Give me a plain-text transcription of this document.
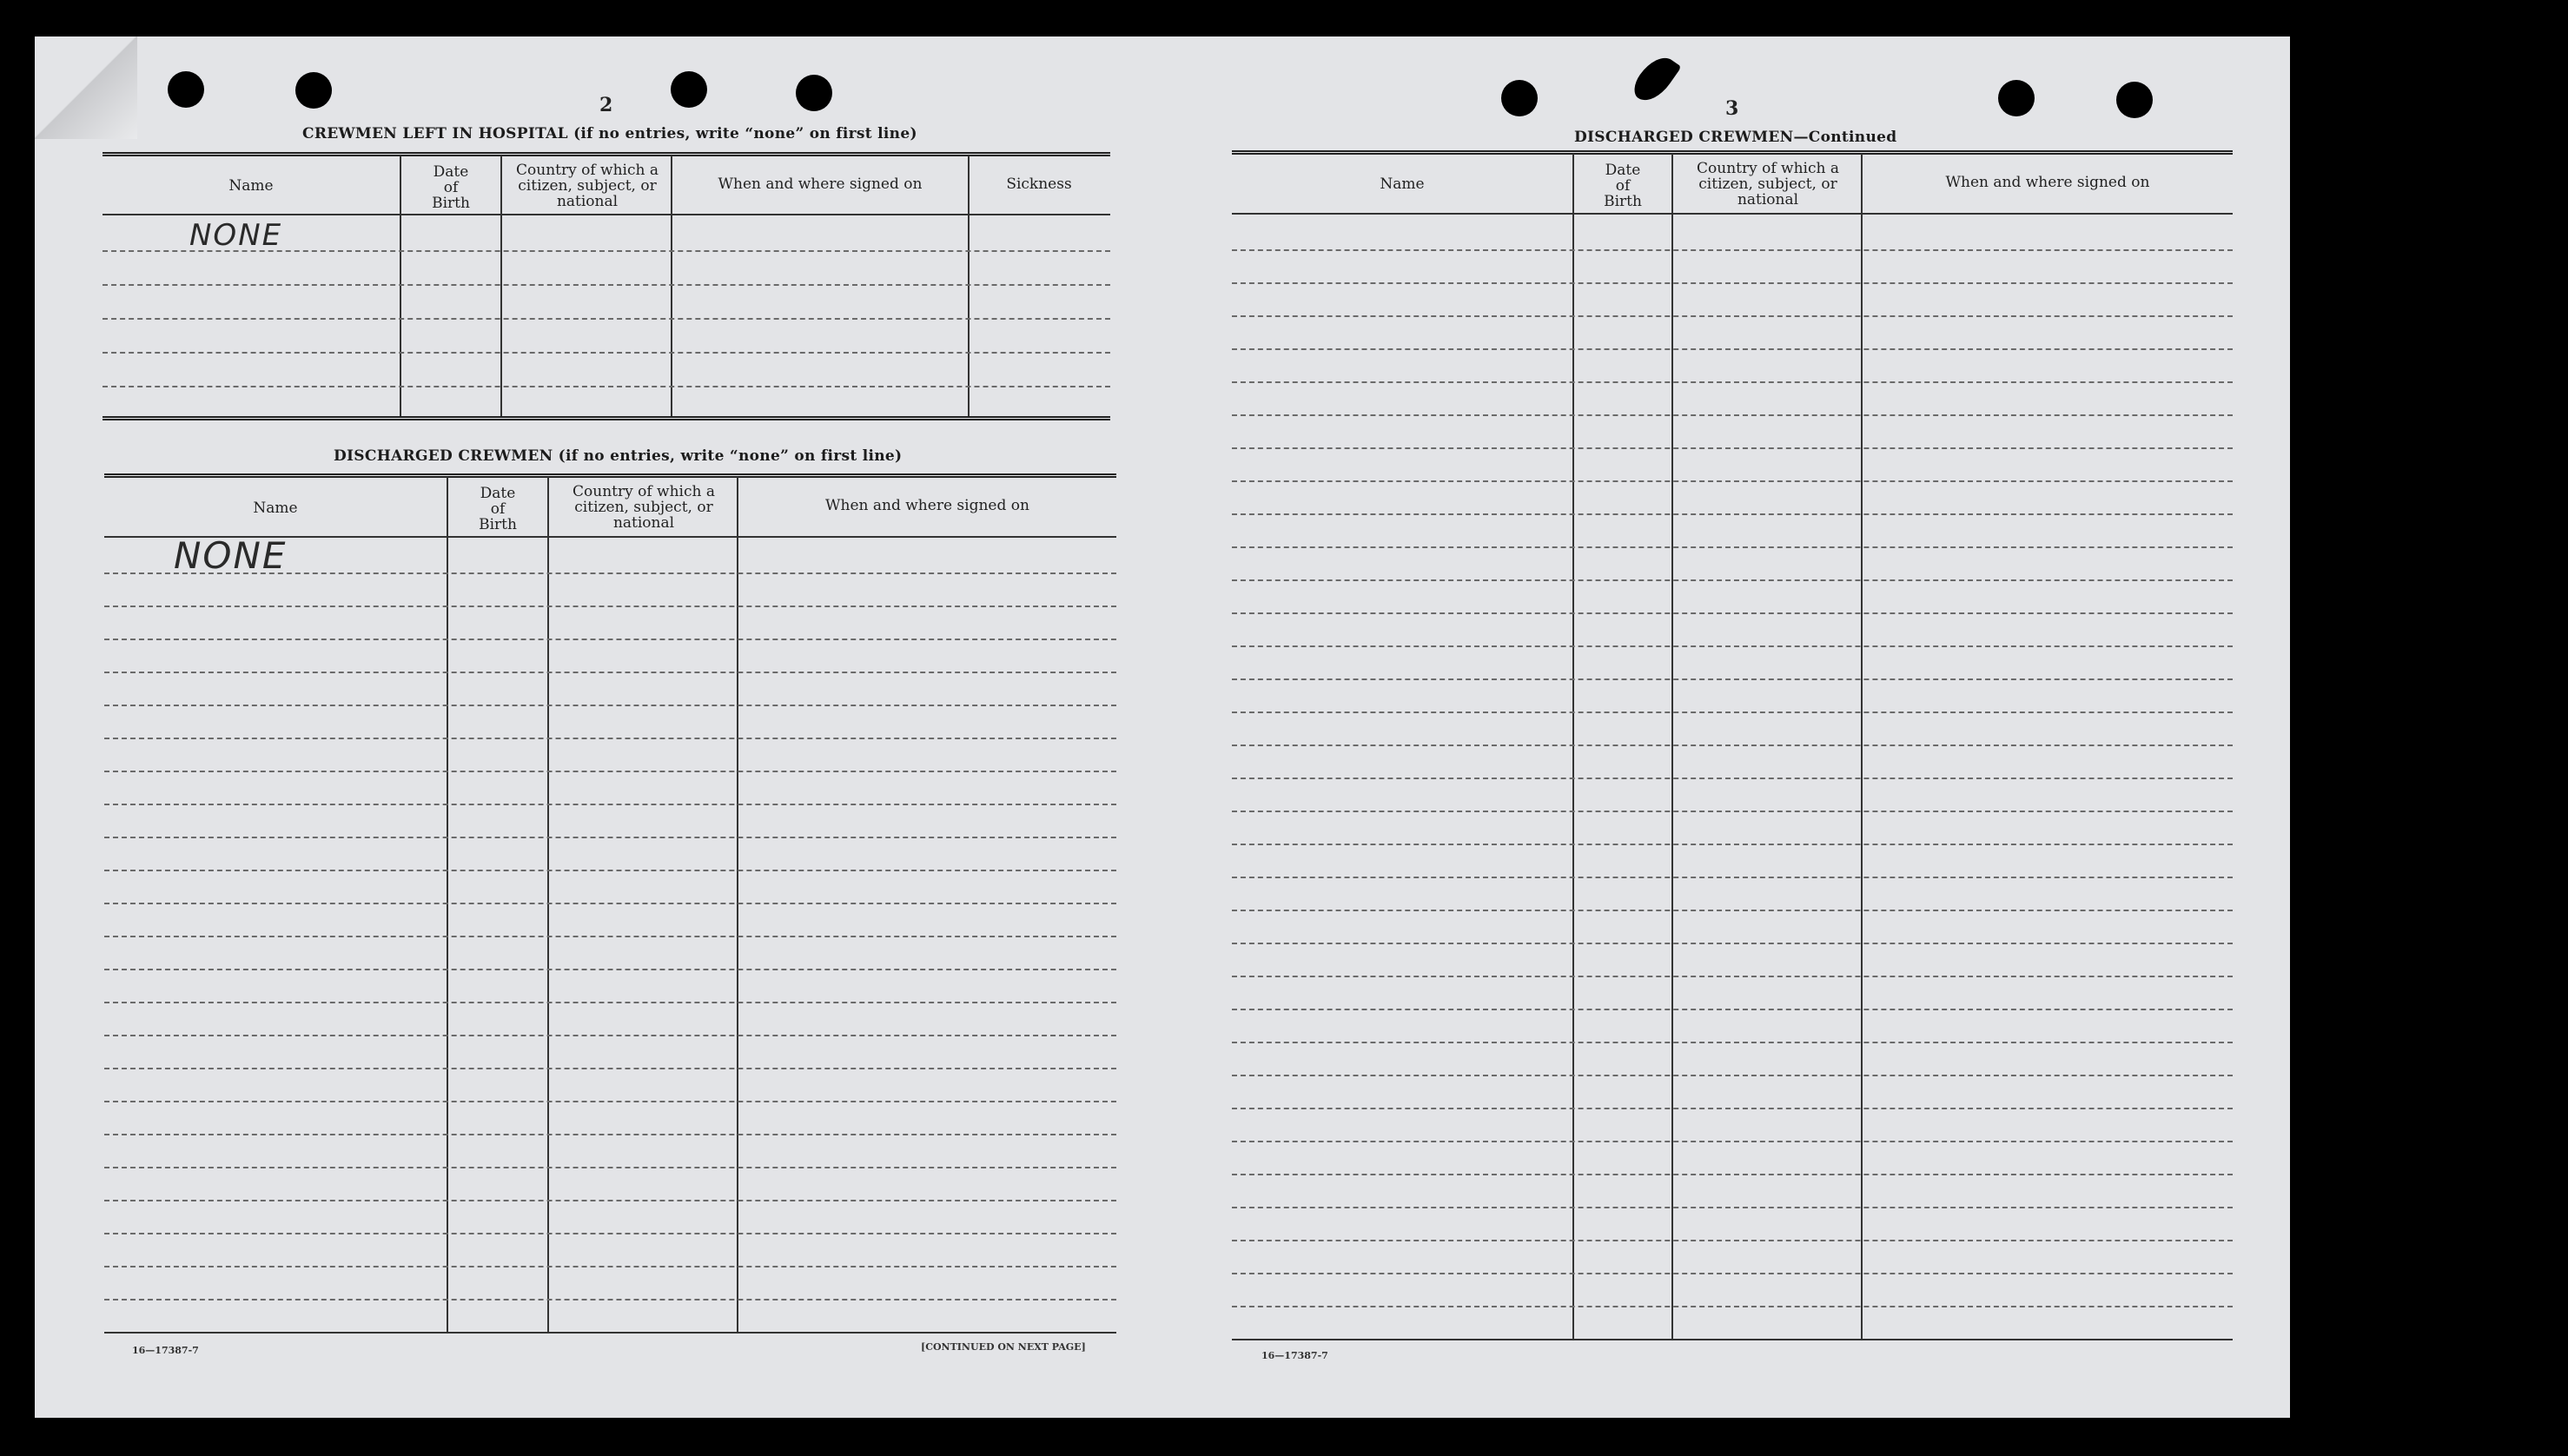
2
CREWMEN LEFT IN HOSPITAL (if no entries, write “none” on first line)
Name
Date
of
Birth
Country of which a
citizen, subject, or
national
When and where signed on	Sickness
NONE
DISCHARGED CREWMEN (if no entries, write “none” on first line)
Name
Date
of
Birth
Country of which a
citizen, subject, or
national
When and where signed on
NONE
16—17387-7	[CONTINUED ON NEXT PAGE]
3
DISCHARGED CREWMEN—Continued
Name
Date
of
Birth
Country of which a
citizen, subject, or
national
When and where signed on
16—17387-7
